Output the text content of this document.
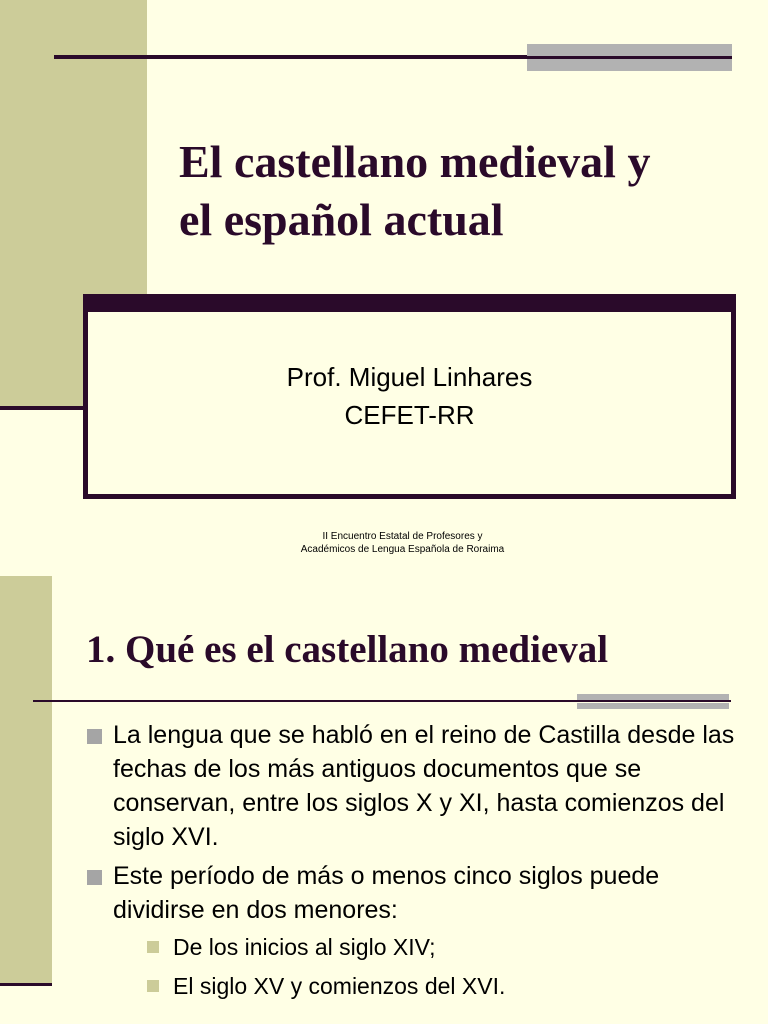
El castellano medieval y
el español actual
Prof. Miguel Linhares
CEFET-RR
II Encuentro Estatal de Profesores y
Académicos de Lengua Española de Roraima
1. Qué es el castellano medieval
La lengua que se habló en el reino de Castilla desde las fechas de los más antiguos documentos que se conservan, entre los siglos X y XI, hasta comienzos del siglo XVI.
Este período de más o menos cinco siglos puede dividirse en dos menores:
De los inicios al siglo XIV;
El siglo XV y comienzos del XVI.
